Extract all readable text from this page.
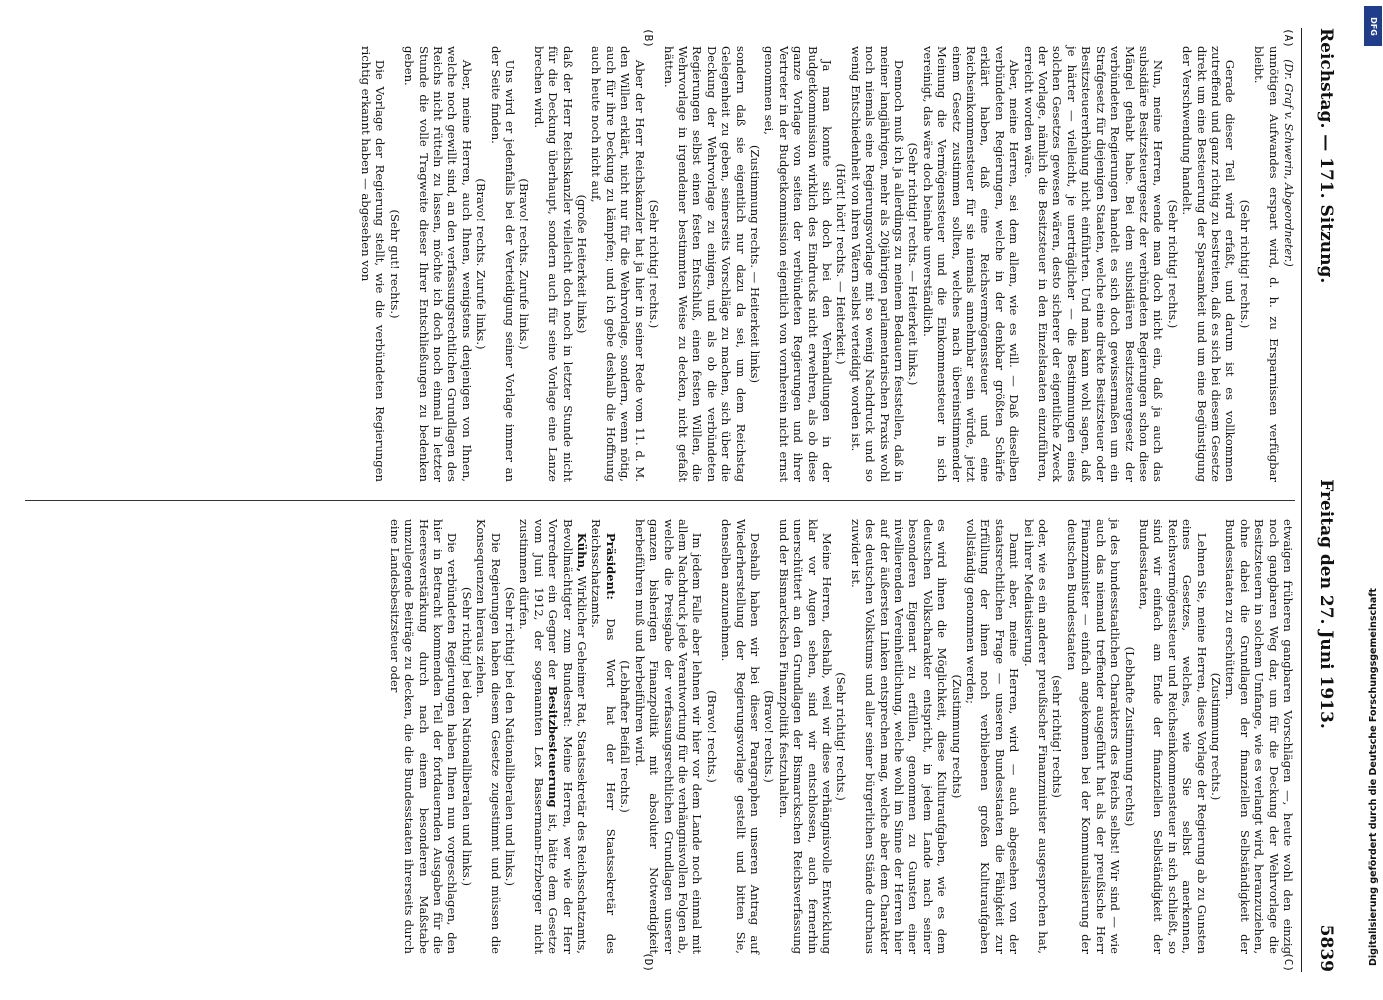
Reichstag. — 171. Sitzung.
Freitag den 27. Juni 1913.
5839
(A)
(B)

(Dr. Graf v. Schwerin, Abgeordneter.)

unnötigen Aufwandes erspart wird, d. h. zu Ersparnissen verfügbar bleibt.

(Sehr richtig! rechts.)

Gerade dieser Teil wird erfaßt, und darum ist es vollkommen zutreffend und ganz richtig zu bestreiten, daß es sich bei diesem Gesetze direkt um eine Besteuerung der Sparsamkeit und um eine Begünstigung der Verschwendung handelt.

(Sehr richtig! rechts.)

Nun, meine Herren, wende man doch nicht ein, daß ja auch das subsidiäre Besitzsteuergesetz der verbündeten Regierungen schon diese Mängel gehabt habe. Bei dem subsidiären Besitzsteuergesetz der verbündeten Regierungen handelt es sich doch gewissermaßen um ein Strafgesetz für diejenigen Staaten, welche eine direkte Besitzsteuer oder Besitzsteuererhöhung nicht einführten. Und man kann wohl sagen, daß je härter — vielleicht, je unerträglicher — die Bestimmungen eines solchen Gesetzes gewesen wären, desto sicherer der eigentliche Zweck der Vorlage, nämlich die Besitzsteuer in den Einzelstaaten einzuführen, erreicht worden wäre.

Aber, meine Herren, sei dem allem, wie es will. — Daß dieselben verbündeten Regierungen, welche in der denkbar größten Schärfe erklärt haben, daß eine Reichsvermögenssteuer und eine Reichseinkommensteuer für sie niemals annehmbar sein würde, jetzt einem Gesetz zustimmen sollten, welches nach übereinstimmender Meinung die Vermögenssteuer und die Einkommensteuer in sich vereinigt, das wäre doch beinahe unverständlich.

(Sehr richtig! rechts. — Heiterkeit links.)

Dennoch muß ich ja allerdings zu meinem Bedauern feststellen, daß in meiner langjährigen, mehr als 20jährigen parlamentarischen Praxis wohl noch niemals eine Regierungsvorlage mit so wenig Nachdruck und so wenig Entschiedenheit von ihren Vätern selbst verteidigt worden ist.

(Hört! hört! rechts. — Heiterkeit.)

Ja man konnte sich doch bei den Verhandlungen in der Budgetkommission wirklich des Eindrucks nicht erwehren, als ob diese ganze Vorlage von seiten der verbündeten Regierungen und ihrer Vertreter in der Budgetkommission eigentlich von vornherein nicht ernst genommen sei,

(Zustimmung rechts. — Heiterkeit links)

sondern daß sie eigentlich nur dazu da sei, um dem Reichstag Gelegenheit zu geben, seinerseits Vorschläge zu machen, sich über die Deckung der Wehrvorlage zu einigen, und als ob die verbündeten Regierungen selbst einen festen Entschluß, einen festen Willen, die Wehrvorlage in irgendeiner bestimmten Weise zu decken, nicht gefaßt hätten.

(Sehr richtig! rechts.)

Aber der Herr Reichskanzler hat ja hier in seiner Rede vom 11. d. M. den Willen erklärt, nicht nur für die Wehrvorlage, sondern, wenn nötig, auch für ihre Deckung zu kämpfen; und ich gebe deshalb die Hoffnung auch heute noch nicht auf,

(große Heiterkeit links)

daß der Herr Reichskanzler vielleicht doch noch in letzter Stunde nicht für die Deckung überhaupt, sondern auch für seine Vorlage eine Lanze brechen wird.

(Bravo! rechts. Zurufe links.)

Uns wird er jedenfalls bei der Verteidigung seiner Vorlage immer an der Seite finden.

(Bravo! rechts. Zurufe links.)

Aber, meine Herren, auch Ihnen, wenigstens denjenigen von Ihnen, welche noch gewillt sind, an den verfassungsrechtlichen Grundlagen des Reichs nicht rütteln zu lassen, möchte ich doch noch einmal in letzter Stunde die volle Tragweite dieser Ihrer Entschließungen zu bedenken geben.

(Sehr gut! rechts.)

Die Vorlage der Regierung stellt, wie die verbündeten Regierungen richtig erkannt haben — abgesehen von

(C)
(D)

etwaigen früheren gangbaren Vorschlägen —, heute wohl den einzig noch gangbaren Weg dar, um für die Deckung der Wehrvorlage die Besitzsteuern in solchem Umfange, wie es verlangt wird, heranzuziehen, ohne dabei die Grundlagen der finanziellen Selbständigkeit der Bundesstaaten zu erschüttern.

(Zustimmung rechts.)

Lehnen Sie, meine Herren, diese Vorlage der Regierung ab zu Gunsten eines Gesetzes, welches, wie Sie selbst anerkennen, Reichsvermögenssteuer und Reichseinkommensteuer in sich schließt, so sind wir einfach am Ende der finanziellen Selbständigkeit der Bundesstaaten,

(Lebhafte Zustimmung rechts)

ja des bundesstaatlichen Charakters des Reichs selbst! Wir sind — wie auch das niemand treffender ausgeführt hat als der preußische Herr Finanzminister — einfach angekommen bei der Kommunalisierung der deutschen Bundesstaaten

(sehr richtig! rechts)

oder, wie es ein anderer preußischer Finanzminister ausgesprochen hat, bei ihrer Mediatisierung.

Damit aber, meine Herren, wird — auch abgesehen von der staatsrechtlichen Frage — unseren Bundesstaaten die Fähigkeit zur Erfüllung der ihnen noch verbliebenen großen Kulturaufgaben vollständig genommen werden;

(Zustimmung rechts)

es wird ihnen die Möglichkeit, diese Kulturaufgaben, wie es dem deutschen Volkscharakter entspricht, in jedem Lande nach seiner besonderen Eigenart zu erfüllen, genommen zu Gunsten einer nivellierenden Vereinheitlichung, welche wohl im Sinne der Herren hier auf der äußersten Linken entsprechen mag, welche aber dem Charakter des deutschen Volkstums und aller seiner bürgerlichen Stände durchaus zuwider ist.

(Sehr richtig! rechts.)

Meine Herren, deshalb, weil wir diese verhängnisvolle Entwicklung klar vor Augen sehen, sind wir entschlossen, auch fernerhin unerschüttert an den Grundlagen der Bismarckschen Reichsverfassung und der Bismarckschen Finanzpolitik festzuhalten.

(Bravo! rechts.)

Deshalb haben wir bei dieser Paragraphen unseren Antrag auf Wiederherstellung der Regierungsvorlage gestellt und bitten Sie, denselben anzunehmen.

(Bravo! rechts.)

Im jedem Falle aber lehnen wir hier vor dem Lande noch einmal mit allem Nachdruck jede Verantwortung für die verhängnisvollen Folgen ab, welche die Preisgabe der verfassungsrechtlichen Grundlagen unserer ganzen bisherigen Finanzpolitik mit absoluter Notwendigkeit herbeiführen muß und herbeiführen wird.

(Lebhafter Beifall rechts.)

Präsident: Das Wort hat der Herr Staatssekretär des Reichsschatzamts.

Kühn, Wirklicher Geheimer Rat, Staatssekretär des Reichsschatzamts, Bevollmächtigter zum Bundesrat: Meine Herren, wer wie der Herr Vorredner ein Gegner der Besitzbesteuerung ist, hätte dem Gesetze vom Juni 1912, der sogenannten Lex Bassermann-Erzberger nicht zustimmen dürfen.

(Sehr richtig! bei den Nationalliberalen und links.)

Die Regierungen haben diesem Gesetze zugestimmt und müssen die Konsequenzen hieraus ziehen.

(Sehr richtig! bei den Nationalliberalen und links.)

Die verbündeten Regierungen haben Ihnen nun vorgeschlagen, den hier in Betracht kommenden Teil der fortdauernden Ausgaben für die Heeresverstärkung durch nach einem besonderen Maßstabe umzulegende Beiträge zu decken, die die Bundesstaaten ihrerseits durch eine Landesbesitzsteuer oder

DFG
Digitalisierung gefördert durch die Deutsche Forschungsgemeinschaft
